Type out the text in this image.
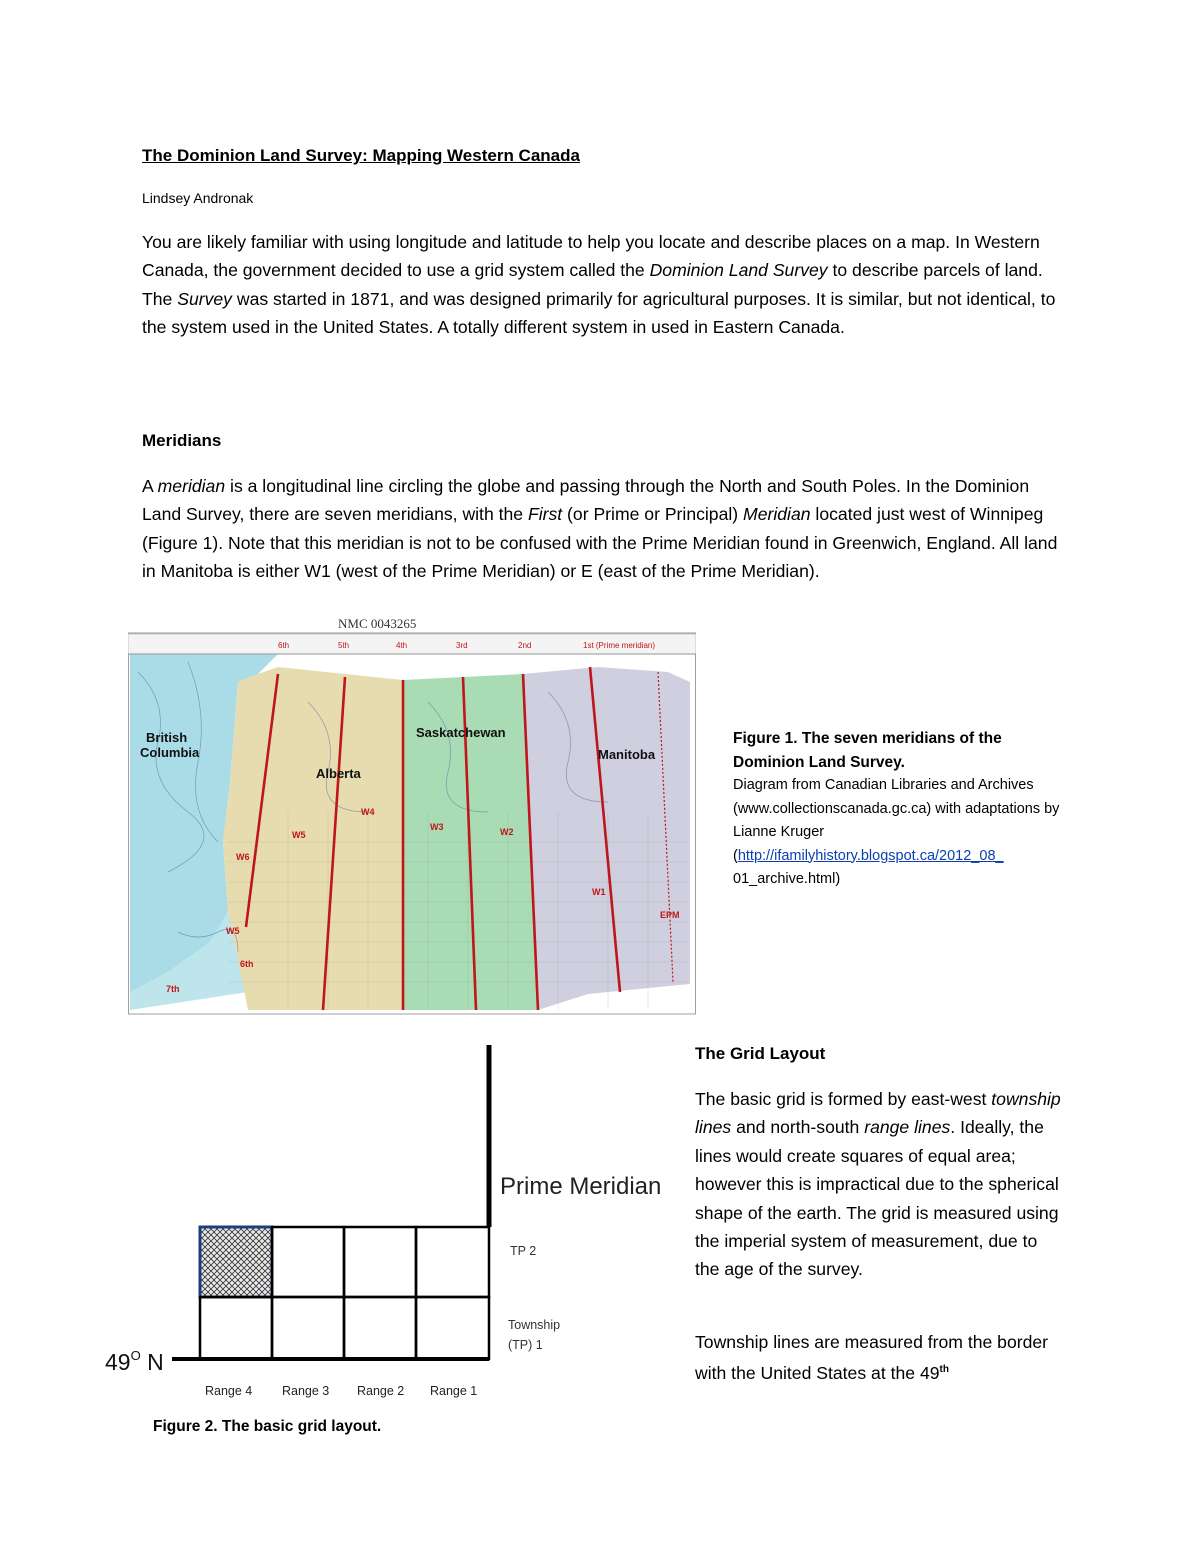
The Dominion Land Survey: Mapping Western Canada
Lindsey Andronak
You are likely familiar with using longitude and latitude to help you locate and describe places on a map. In Western Canada, the government decided to use a grid system called the Dominion Land Survey to describe parcels of land. The Survey was started in 1871, and was designed primarily for agricultural purposes. It is similar, but not identical, to the system used in the United States. A totally different system in used in Eastern Canada.
Meridians
A meridian is a longitudinal line circling the globe and passing through the North and South Poles. In the Dominion Land Survey, there are seven meridians, with the First (or Prime or Principal) Meridian located just west of Winnipeg (Figure 1). Note that this meridian is not to be confused with the Prime Meridian found in Greenwich, England. All land in Manitoba is either W1 (west of the Prime Meridian) or E (east of the Prime Meridian).
NMC 0043265
6th	5th	4th	3rd	2nd	1st (Prime meridian)
British Columbia
Alberta
Saskatchewan
Manitoba
W6
W5
W4
W3	W2
W1
EPM
W5
6th
7th
Figure 1. The seven meridians of the Dominion Land Survey.
Diagram from Canadian Libraries and Archives (www.collectionscanada.gc.ca) with adaptations by Lianne Kruger (http://ifamilyhistory.blogspot.ca/2012_08_
01_archive.html)
Prime Meridian
TP 2
Township
(TP) 1
$49^O$ N
Range 4 Range 3 Range 2 Range 1
Figure 2. The basic grid layout.
The Grid Layout
The basic grid is formed by east-west township lines and north-south range lines. Ideally, the lines would create squares of equal area; however this is impractical due to the spherical shape of the earth. The grid is measured using the imperial system of measurement, due to the age of the survey.
Township lines are measured from the border with the United States at the 49th
